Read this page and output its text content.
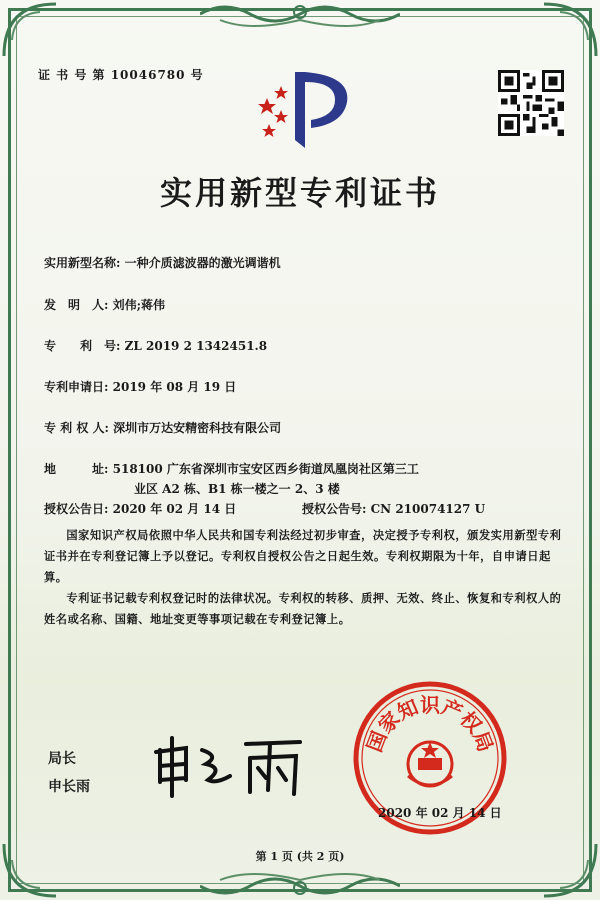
证 书 号 第 10046780 号
实用新型专利证书
实用新型名称: 一种介质滤波器的激光调谐机
发　明　人: 刘伟;蒋伟
专　　利　号: ZL 2019 2 1342451.8
专利申请日: 2019 年 08 月 19 日
专 利 权 人: 深圳市万达安精密科技有限公司
地　　　址: 518100 广东省深圳市宝安区西乡街道凤凰岗社区第三工
业区 A2 栋、B1 栋一楼之一 2、3 楼
授权公告日: 2020 年 02 月 14 日	授权公告号: CN 210074127 U
国家知识产权局依照中华人民共和国专利法经过初步审查，决定授予专利权，颁发实用新型专利证书并在专利登记簿上予以登记。专利权自授权公告之日起生效。专利权期限为十年，自申请日起算。
专利证书记载专利权登记时的法律状况。专利权的转移、质押、无效、终止、恢复和专利权人的姓名或名称、国籍、地址变更等事项记载在专利登记簿上。
局长
申长雨
国家知识产权局
2020 年 02 月 14 日
第 1 页 (共 2 页)
